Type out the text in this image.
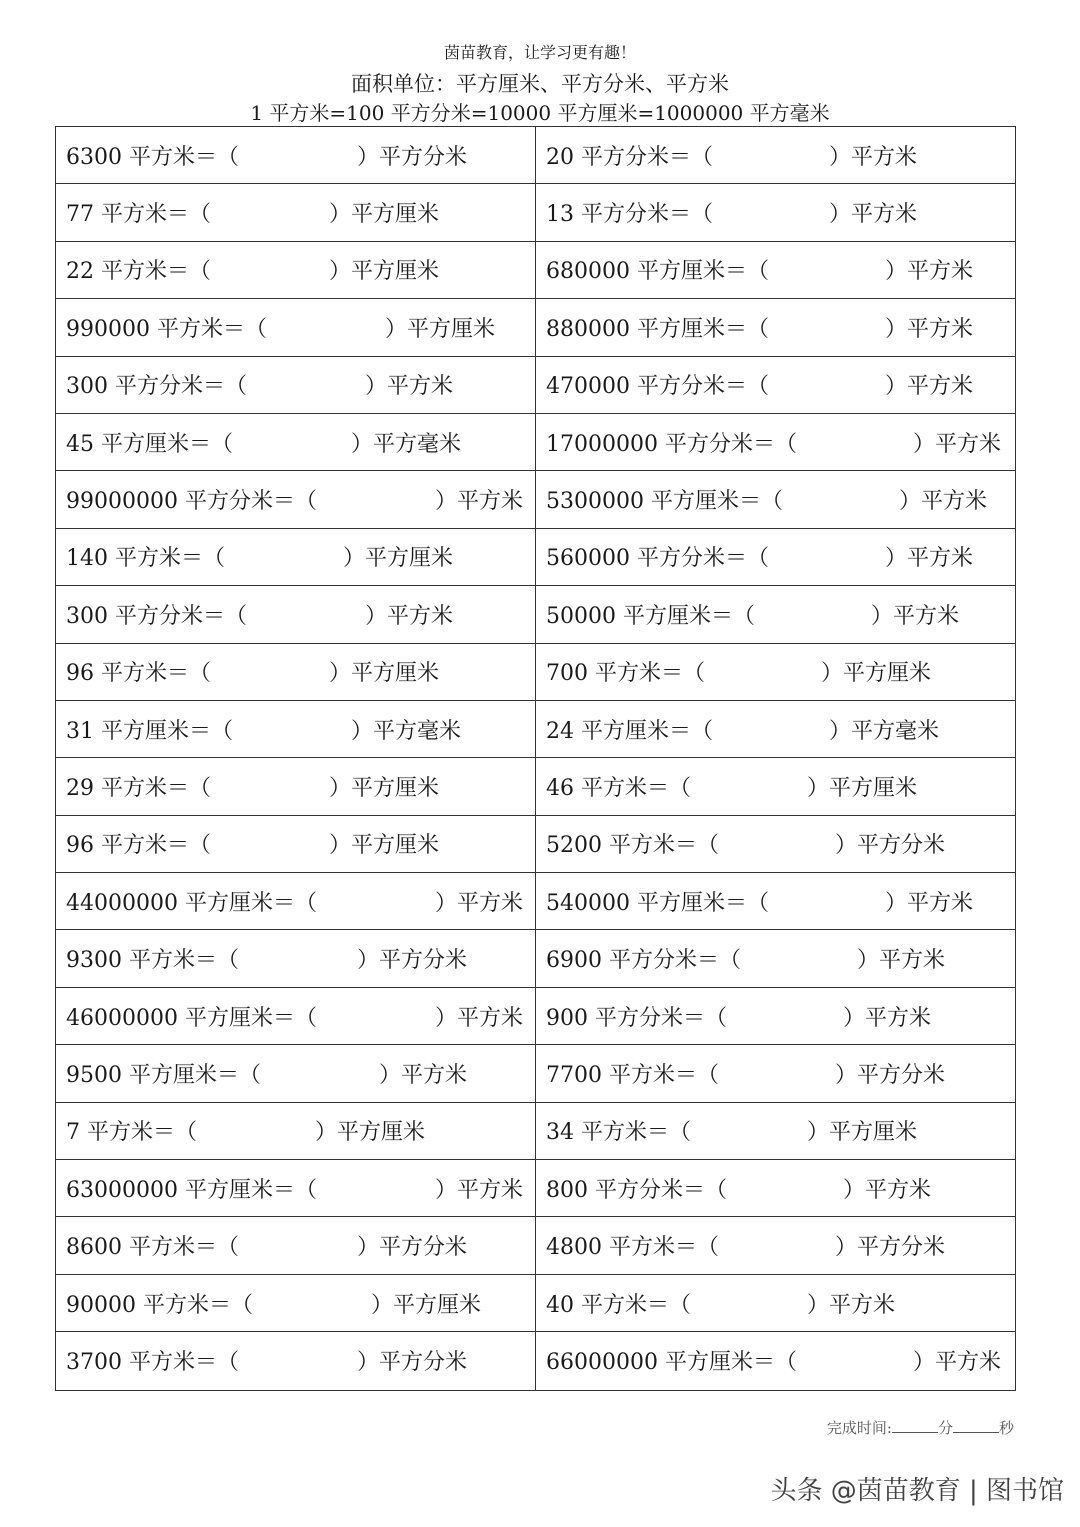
茵苗教育，让学习更有趣！
面积单位：平方厘米、平方分米、平方米
1 平方米=100 平方分米=10000 平方厘米=1000000 平方毫米
6300 平方米＝（	）平方分米	20 平方分米＝（	）平方米
77 平方米＝（	）平方厘米	13 平方分米＝（	）平方米
22 平方米＝（	）平方厘米	680000 平方厘米＝（	）平方米
990000 平方米＝（	）平方厘米 880000 平方厘米＝（	）平方米
300 平方分米＝（	）平方米	470000 平方分米＝（	）平方米
45 平方厘米＝（	）平方毫米	17000000 平方分米＝（	）平方米
99000000 平方分米＝（	）平方米 5300000 平方厘米＝（	）平方米
140 平方米＝（	）平方厘米	560000 平方分米＝（	）平方米
300 平方分米＝（	）平方米	50000 平方厘米＝（	）平方米
96 平方米＝（	）平方厘米	700 平方米＝（	）平方厘米
31 平方厘米＝（	）平方毫米	24 平方厘米＝（	）平方毫米
29 平方米＝（	）平方厘米	46 平方米＝（	）平方厘米
96 平方米＝（	）平方厘米	5200 平方米＝（	）平方分米
44000000 平方厘米＝（	）平方米 540000 平方厘米＝（	）平方米
9300 平方米＝（	）平方分米	6900 平方分米＝（	）平方米
46000000 平方厘米＝（	）平方米 900 平方分米＝（	）平方米
9500 平方厘米＝（	）平方米	7700 平方米＝（	）平方分米
7 平方米＝（	）平方厘米	34 平方米＝（	）平方厘米
63000000 平方厘米＝（	）平方米 800 平方分米＝（	）平方米
8600 平方米＝（	）平方分米	4800 平方米＝（	）平方分米
90000 平方米＝（	）平方厘米	40 平方米＝（	）平方米
3700 平方米＝（	）平方分米	66000000 平方厘米＝（	）平方米
完成时间:	分	秒
头条 @茵苗教育 | 图书馆
